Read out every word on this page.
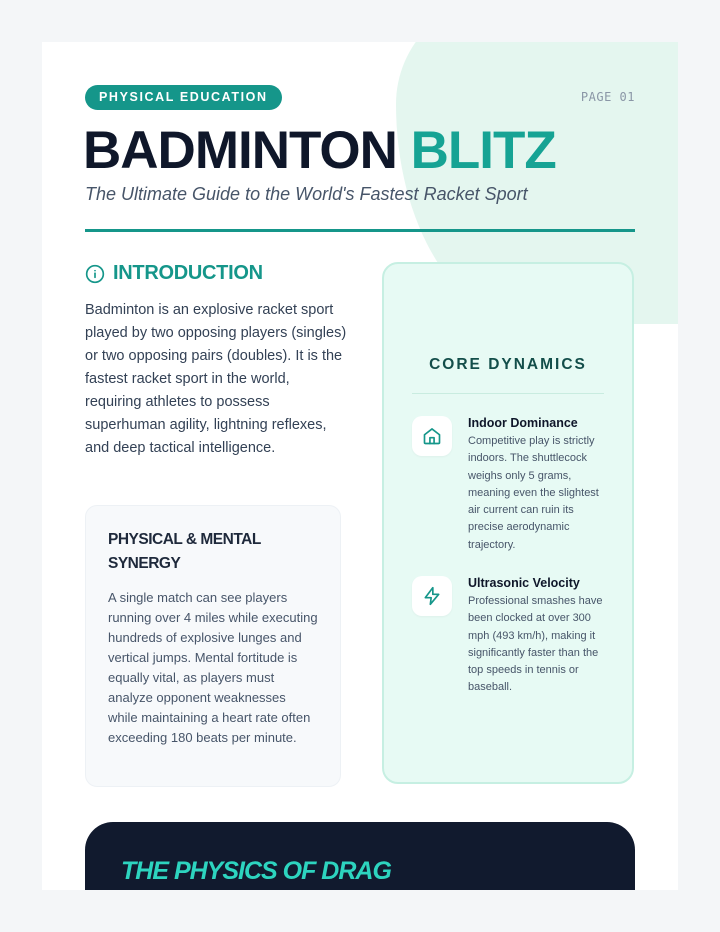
PHYSICAL EDUCATION	PAGE 01
BADMINTON BLITZ
The Ultimate Guide to the World's Fastest Racket Sport
INTRODUCTION
Badminton is an explosive racket sport played by two opposing players (singles) or two opposing pairs (doubles). It is the fastest racket sport in the world, requiring athletes to possess superhuman agility, lightning reflexes, and deep tactical intelligence.
PHYSICAL & MENTAL SYNERGY

A single match can see players running over 4 miles while executing hundreds of explosive lunges and vertical jumps. Mental fortitude is equally vital, as players must analyze opponent weaknesses while maintaining a heart rate often exceeding 180 beats per minute.

CORE DYNAMICS
Indoor Dominance

Competitive play is strictly indoors. The shuttlecock weighs only 5 grams, meaning even the slightest air current can ruin its precise aerodynamic trajectory.

Ultrasonic Velocity

Professional smashes have been clocked at over 300 mph (493 km/h), making it significantly faster than the top speeds in tennis or baseball.

THE PHYSICS OF DRAG
